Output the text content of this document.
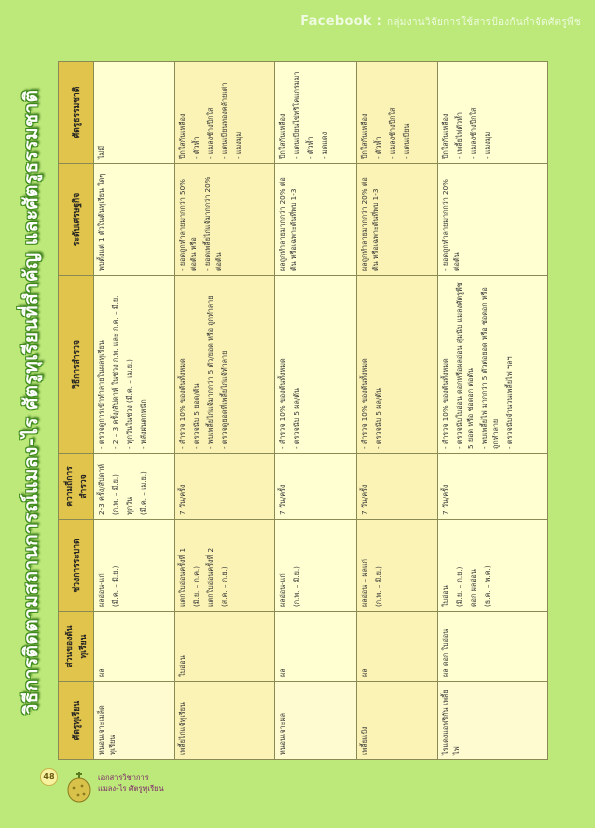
Facebook : กลุ่มงานวิจัยการใช้สารป้องกันกำจัดศัตรูพืช
วิธีการติดตามสถานการณ์แมลง-ไร ศัตรูทุเรียนที่สำคัญ และศัตรูธรรมชาติ
ศัตรูทุเรียน	ส่วนของต้นทุเรียน	ช่วงการระบาด	ความถี่การสำรวจ	วิธีการสำรวจ	ระดับเศรษฐกิจ	ศัตรูธรรมชาติ
หนอนเจาะเมล็ดทุเรียน	ผล	ผลอ่อน-แก่ (มี.ค. – มิ.ย.)	2-3 ครั้ง/สัปดาห์ (ก.พ. – มี.ย.) ทุกวัน (มี.ค. – เม.ย.)	- ตรวจดูการเข้าทำลายในผลทุเรียน - 2 – 3 ครั้ง/สัปดาห์ ในช่วง ก.พ. และ ก.ค. – มี.ย. - ทุกวันในช่วง (มี.ค. – เม.ย.) - หลังฝนตกหนัก	พบตั้งแต่ 1 ตัวในต้นทุเรียน ใดๆ	ไม่มี

เพลี้ยไก่แจ้ทุเรียน	ใบอ่อน	แตกใบอ่อนครั้งที่ 1 (มิ.ย. – ก.ค.) แตกใบอ่อนครั้งที่ 2 (ส.ค. – ก.ย.)	7 วัน/ครั้ง	- สำรวจ 10% ของต้นทั้งหมด - ตรวจนับ 5 ยอด/ต้น - พบเพลี้ยไก่แจ้มากกว่า 5 ตัว/ยอด หรือ ถูกทำลาย - ตรวจดูยอดที่เพลี้ยไก่แจ้ทำลาย	- ยอดถูกทำลายมากกว่า 50% ต่อต้น หรือ - ยอดเพลี้ยไก่แจ้มากกว่า 20% ต่อต้น	ปีกใสก้นเหลือง - ตัวห้ำ - แมลงช้างปีกใส - แตนเบียนทองคล้ายเต่า - แมงมุม

หนอนเจาะผล	ผล	ผลอ่อน-แก่ (ก.พ. – มิ.ย.)	7 วัน/ครั้ง	- สำรวจ 10% ของต้นทั้งหมด - ตรวจนับ 5 ผล/ต้น	ผลถูกทำลายมากกว่า 20% ต่อต้น หรือเฉพาะต้นที่พบ 1-3	ปีกใสก้นเหลือง - แตนเบียนไข่ทริโคแกรมมา - ตัวห้ำ - มดแดง

เพลี้ยแป้ง	ผล	ผลอ่อน – ผลแก่ (ก.พ. – มิ.ย.)	7 วัน/ครั้ง	- สำรวจ 10% ของต้นทั้งหมด - ตรวจนับ 5 ผล/ต้น	ผลถูกทำลายมากกว่า 20% ต่อต้น หรือเฉพาะต้นที่พบ 1-3	ปีกใสก้นเหลือง - ตัวห้ำ - แมลงช้างปีกใส - แตนเบียน

ไรแดงแอฟริกัน เพลี้ยไฟ	ผล ดอก ใบอ่อน	ใบอ่อน (มิ.ย. – ก.ย.) ดอก ผลอ่อน (ธ.ค. – พ.ค.)	7 วัน/ครั้ง	- สำรวจ 10% ของต้นทั้งหมด - ตรวจนับใบอ่อน ดอกหรือผลอ่อน สุ่มนับ แมลงศัตรูพืช 5 ยอด หรือ ช่อดอก ต่อต้น - พบเพลี้ยไฟ มากกว่า 5 ตัวต่อยอด หรือ ช่อดอก หรือ ถูกทำลาย - ตรวจนับจำนวนเพลี้ยไฟ ฯลฯ	- ยอดถูกทำลายมากกว่า 20% ต่อต้น	ปีกใสก้นเหลือง - เพลี้ยไฟตัวห้ำ - แมลงช้างปีกใส - แมงมุม
48	เอกสารวิชาการ
แมลง-ไร ศัตรูทุเรียน
